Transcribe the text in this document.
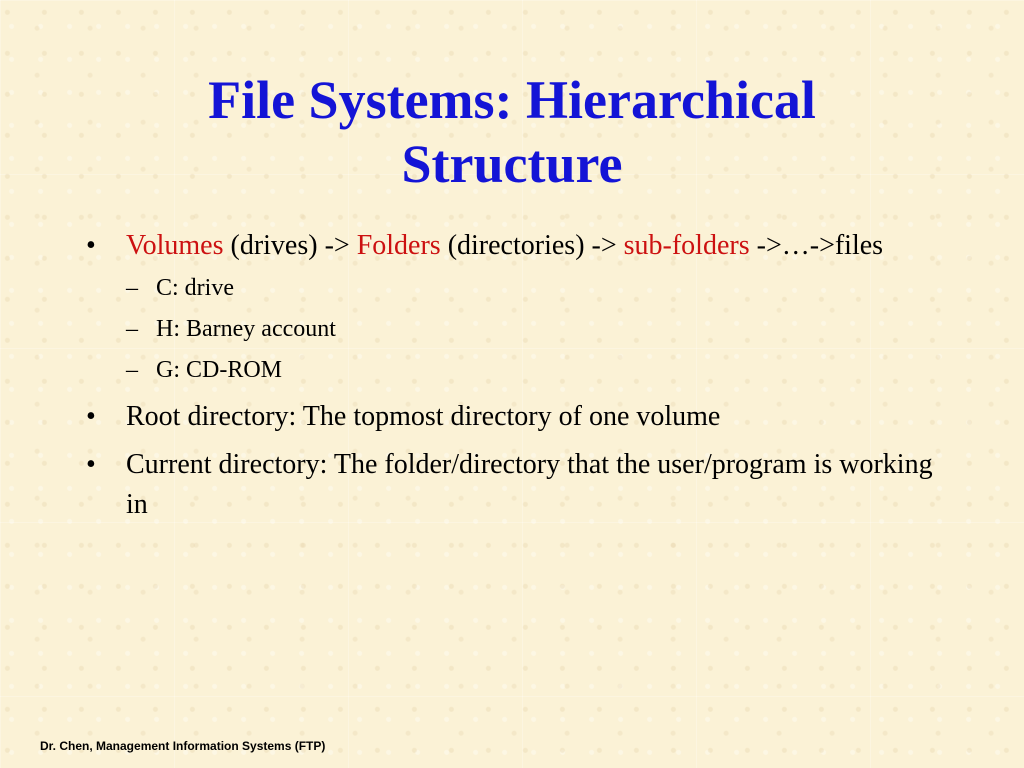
File Systems: Hierarchical
Structure
• Volumes (drives) -> Folders (directories) -> sub-folders ->…->files
– C: drive
– H: Barney account
– G: CD-ROM
• Root directory: The topmost directory of one volume
• Current directory: The folder/directory that the user/program is working in
Dr. Chen, Management Information Systems (FTP)
